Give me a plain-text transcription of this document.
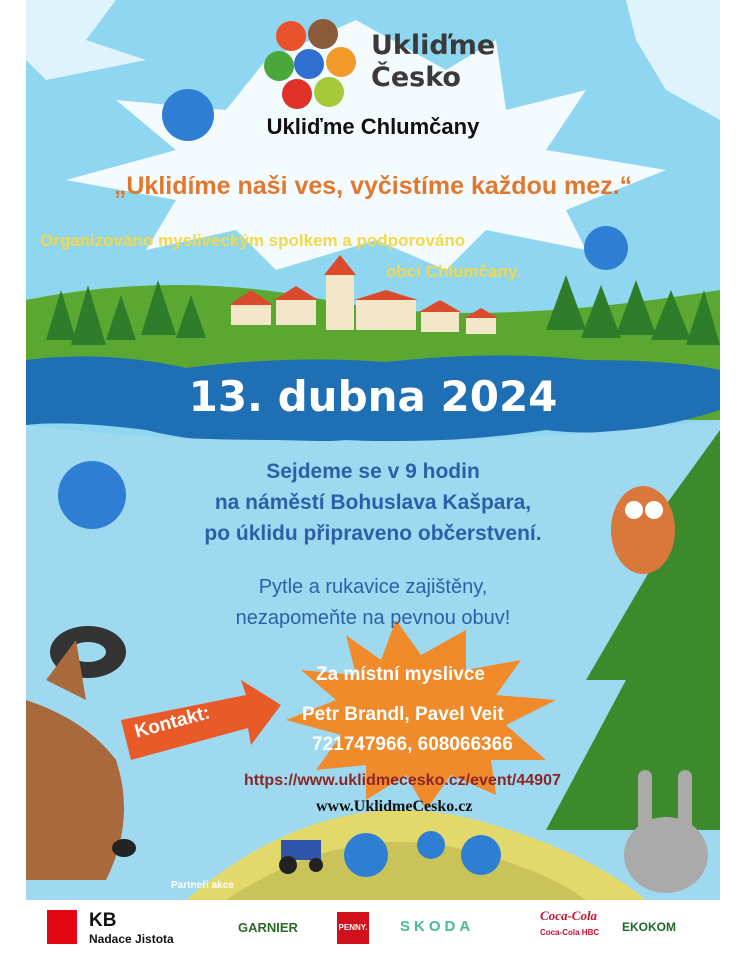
Ukliďme
Česko
Ukliďme Chlumčany
„Uklidíme naši ves, vyčistíme každou mez.“
Organizováno mysliveckým spolkem a podporováno
obcí Chlumčany.
13. dubna 2024
Sejdeme se v 9 hodin
na náměstí Bohuslava Kašpara,
po úklidu připraveno občerstvení.
Pytle a rukavice zajištěny,
nezapomeňte na pevnou obuv!
Kontakt:
Za místní myslivce
Petr Brandl, Pavel Veit
721747966, 608066366
https://www.uklidmecesko.cz/event/44907
www.UklidmeCesko.cz
Partneři akce
KB
Nadace Jistota
GARNIER	PENNY. SKODA
Coca-Cola
Coca-Cola HBC EKOKOM
